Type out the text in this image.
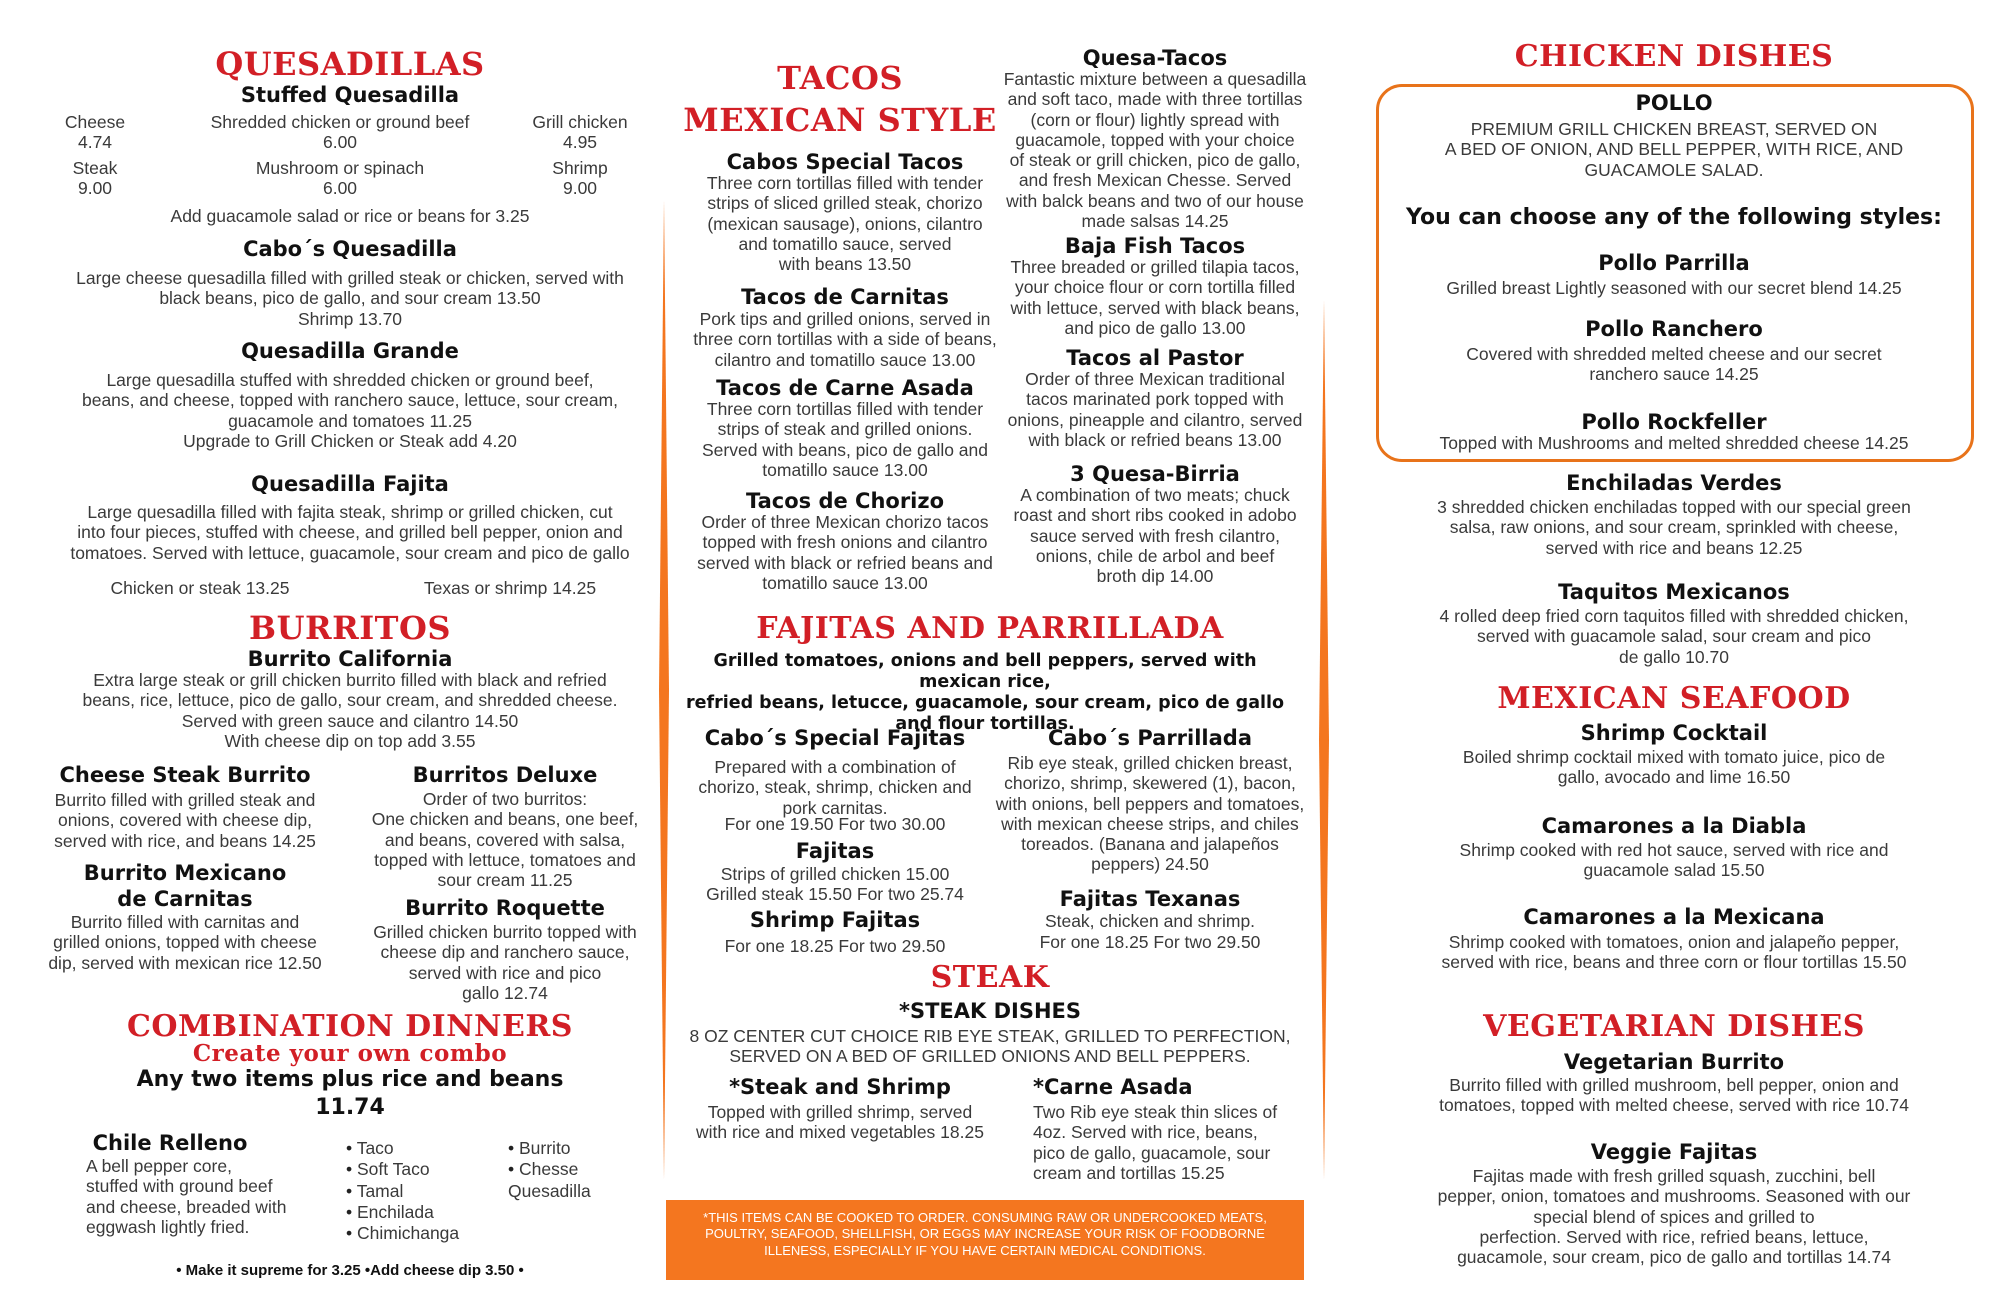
QUESADILLAS
Stuffed Quesadilla
Cheese
4.74
Shredded chicken or ground beef
6.00
Grill chicken
4.95
Steak
9.00
Mushroom or spinach
6.00
Shrimp
9.00
Add guacamole salad or rice or beans for 3.25
Cabo´s Quesadilla
Large cheese quesadilla filled with grilled steak or chicken, served with
black beans, pico de gallo, and sour cream 13.50
Shrimp 13.70
Quesadilla Grande
Large quesadilla stuffed with shredded chicken or ground beef,
beans, and cheese, topped with ranchero sauce, lettuce, sour cream,
guacamole and tomatoes 11.25
Upgrade to Grill Chicken or Steak add 4.20
Quesadilla Fajita
Large quesadilla filled with fajita steak, shrimp or grilled chicken, cut
into four pieces, stuffed with cheese, and grilled bell pepper, onion and
tomatoes. Served with lettuce, guacamole, sour cream and pico de gallo
Chicken or steak 13.25	Texas or shrimp 14.25
BURRITOS
Burrito California
Extra large steak or grill chicken burrito filled with black and refried
beans, rice, lettuce, pico de gallo, sour cream, and shredded cheese.
Served with green sauce and cilantro 14.50
With cheese dip on top add 3.55
Cheese Steak Burrito
Burrito filled with grilled steak and
onions, covered with cheese dip,
served with rice, and beans 14.25
Burritos Deluxe
Order of two burritos:
One chicken and beans, one beef,
and beans, covered with salsa,
topped with lettuce, tomatoes and
sour cream 11.25
Burrito Mexicano
de Carnitas
Burrito filled with carnitas and
grilled onions, topped with cheese
dip, served with mexican rice 12.50
Burrito Roquette
Grilled chicken burrito topped with
cheese dip and ranchero sauce,
served with rice and pico
gallo 12.74
COMBINATION DINNERS
Create your own combo
Any two items plus rice and beans
11.74
Chile Relleno
A bell pepper core,
stuffed with ground beef
and cheese, breaded with
eggwash lightly fried.
• Taco
• Soft Taco
• Tamal
• Enchilada
• Chimichanga
• Burrito
• Chesse Quesadilla
• Make it supreme for 3.25 •Add cheese dip 3.50 •
TACOS
MEXICAN STYLE
Cabos Special Tacos
Three corn tortillas filled with tender
strips of sliced grilled steak, chorizo
(mexican sausage), onions, cilantro
and tomatillo sauce, served
with beans 13.50
Tacos de Carnitas
Pork tips and grilled onions, served in
three corn tortillas with a side of beans,
cilantro and tomatillo sauce 13.00
Tacos de Carne Asada
Three corn tortillas filled with tender
strips of steak and grilled onions.
Served with beans, pico de gallo and
tomatillo sauce 13.00
Tacos de Chorizo
Order of three Mexican chorizo tacos
topped with fresh onions and cilantro
served with black or refried beans and
tomatillo sauce 13.00
Quesa-Tacos
Fantastic mixture between a quesadilla
and soft taco, made with three tortillas
(corn or flour) lightly spread with
guacamole, topped with your choice
of steak or grill chicken, pico de gallo,
and fresh Mexican Chesse. Served
with balck beans and two of our house
made salsas 14.25
Baja Fish Tacos
Three breaded or grilled tilapia tacos,
your choice flour or corn tortilla filled
with lettuce, served with black beans,
and pico de gallo 13.00
Tacos al Pastor
Order of three Mexican traditional
tacos marinated pork topped with
onions, pineapple and cilantro, served
with black or refried beans 13.00
3 Quesa-Birria
A combination of two meats; chuck
roast and short ribs cooked in adobo
sauce served with fresh cilantro,
onions, chile de arbol and beef
broth dip 14.00
FAJITAS AND PARRILLADA
Grilled tomatoes, onions and bell peppers, served with mexican rice,
refried beans, letucce, guacamole, sour cream, pico de gallo
and flour tortillas.
Cabo´s Special Fajitas
Prepared with a combination of
chorizo, steak, shrimp, chicken and
pork carnitas.
For one 19.50 For two 30.00
Fajitas
Strips of grilled chicken 15.00
Grilled steak 15.50 For two 25.74
Shrimp Fajitas
For one 18.25 For two 29.50
Cabo´s Parrillada
Rib eye steak, grilled chicken breast,
chorizo, shrimp, skewered (1), bacon,
with onions, bell peppers and tomatoes,
with mexican cheese strips, and chiles
toreados. (Banana and jalapeños
peppers) 24.50
Fajitas Texanas
Steak, chicken and shrimp.
For one 18.25 For two 29.50
STEAK
*STEAK DISHES
8 OZ CENTER CUT CHOICE RIB EYE STEAK, GRILLED TO PERFECTION,
SERVED ON A BED OF GRILLED ONIONS AND BELL PEPPERS.
*Steak and Shrimp
Topped with grilled shrimp, served
with rice and mixed vegetables 18.25
*Carne Asada
Two Rib eye steak thin slices of
4oz. Served with rice, beans,
pico de gallo, guacamole, sour
cream and tortillas 15.25
*THIS ITEMS CAN BE COOKED TO ORDER. CONSUMING RAW OR UNDERCOOKED MEATS,
POULTRY, SEAFOOD, SHELLFISH, OR EGGS MAY INCREASE YOUR RISK OF FOODBORNE
ILLENESS, ESPECIALLY IF YOU HAVE CERTAIN MEDICAL CONDITIONS.
CHICKEN DISHES
POLLO
PREMIUM GRILL CHICKEN BREAST, SERVED ON
A BED OF ONION, AND BELL PEPPER, WITH RICE, AND
GUACAMOLE SALAD.
You can choose any of the following styles:
Pollo Parrilla
Grilled breast Lightly seasoned with our secret blend 14.25
Pollo Ranchero
Covered with shredded melted cheese and our secret
ranchero sauce 14.25
Pollo Rockfeller
Topped with Mushrooms and melted shredded cheese 14.25
Enchiladas Verdes
3 shredded chicken enchiladas topped with our special green
salsa, raw onions, and sour cream, sprinkled with cheese,
served with rice and beans 12.25
Taquitos Mexicanos
4 rolled deep fried corn taquitos filled with shredded chicken,
served with guacamole salad, sour cream and pico
de gallo 10.70
MEXICAN SEAFOOD
Shrimp Cocktail
Boiled shrimp cocktail mixed with tomato juice, pico de
gallo, avocado and lime 16.50
Camarones a la Diabla
Shrimp cooked with red hot sauce, served with rice and
guacamole salad 15.50
Camarones a la Mexicana
Shrimp cooked with tomatoes, onion and jalapeño pepper,
served with rice, beans and three corn or flour tortillas 15.50
VEGETARIAN DISHES
Vegetarian Burrito
Burrito filled with grilled mushroom, bell pepper, onion and
tomatoes, topped with melted cheese, served with rice 10.74
Veggie Fajitas
Fajitas made with fresh grilled squash, zucchini, bell
pepper, onion, tomatoes and mushrooms. Seasoned with our
special blend of spices and grilled to
perfection. Served with rice, refried beans, lettuce,
guacamole, sour cream, pico de gallo and tortillas 14.74
